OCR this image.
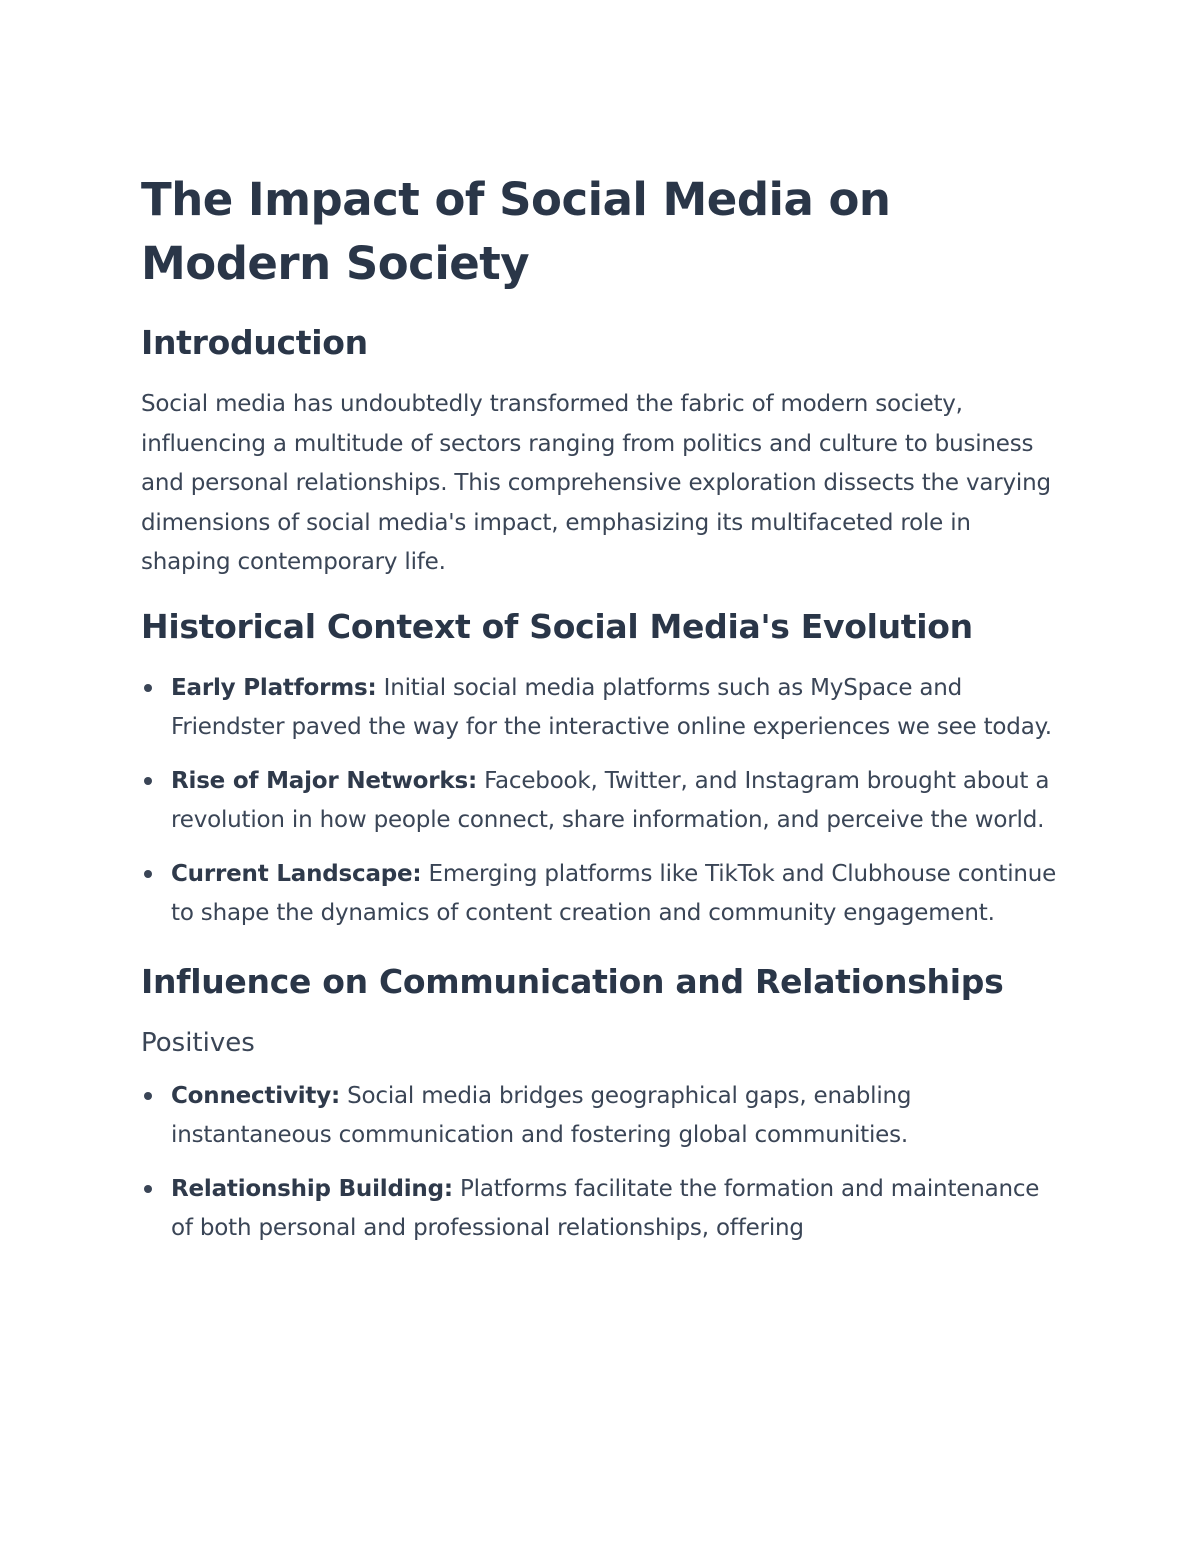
The Impact of Social Media on Modern Society
Introduction

Social media has undoubtedly transformed the fabric of modern society, influencing a multitude of sectors ranging from politics and culture to business and personal relationships. This comprehensive exploration dissects the varying dimensions of social media's impact, emphasizing its multifaceted role in shaping contemporary life.

Historical Context of Social Media's Evolution
Early Platforms: Initial social media platforms such as MySpace and Friendster paved the way for the interactive online experiences we see today.
Rise of Major Networks: Facebook, Twitter, and Instagram brought about a revolution in how people connect, share information, and perceive the world.
Current Landscape: Emerging platforms like TikTok and Clubhouse continue to shape the dynamics of content creation and community engagement.
Influence on Communication and Relationships
Positives
Connectivity: Social media bridges geographical gaps, enabling instantaneous communication and fostering global communities.
Relationship Building: Platforms facilitate the formation and maintenance of both personal and professional relationships, offering
